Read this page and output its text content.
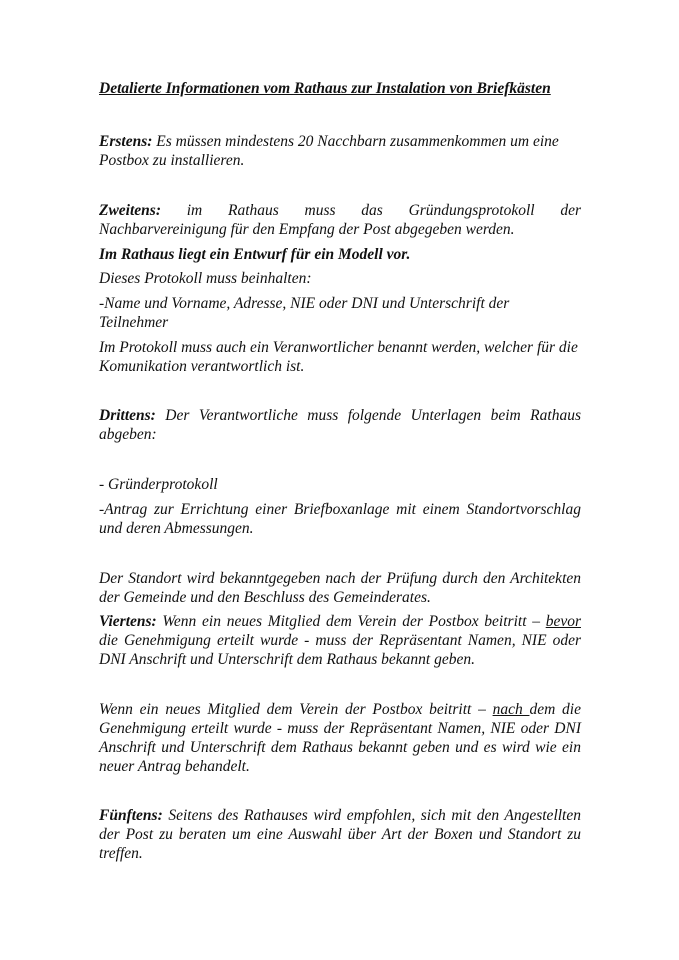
Detalierte Informationen vom Rathaus zur Instalation von Briefkästen

Erstens: Es müssen mindestens 20 Nacchbarn zusammenkommen um eine Postbox zu installieren.

Zweitens: im Rathaus muss das Gründungsprotokoll der Nachbarvereinigung für den Empfang der Post abgegeben werden.

Im Rathaus liegt ein Entwurf für ein Modell vor.

Dieses Protokoll muss beinhalten:

-Name und Vorname, Adresse, NIE oder DNI und Unterschrift der Teilnehmer

Im Protokoll muss auch ein Veranwortlicher benannt werden, welcher für die Komunikation verantwortlich ist.

Drittens: Der Verantwortliche muss folgende Unterlagen beim Rathaus abgeben:

- Gründerprotokoll

-Antrag zur Errichtung einer Briefboxanlage mit einem Standortvorschlag und deren Abmessungen.

Der Standort wird bekanntgegeben nach der Prüfung durch den Architekten der Gemeinde und den Beschluss des Gemeinderates.

Viertens: Wenn ein neues Mitglied dem Verein der Postbox beitritt – bevor die Genehmigung erteilt wurde - muss der Repräsentant Namen, NIE oder DNI Anschrift und Unterschrift dem Rathaus bekannt geben.

Wenn ein neues Mitglied dem Verein der Postbox beitritt – nach dem die Genehmigung erteilt wurde - muss der Repräsentant Namen, NIE oder DNI Anschrift und Unterschrift dem Rathaus bekannt geben und es wird wie ein neuer Antrag behandelt.

Fünftens: Seitens des Rathauses wird empfohlen, sich mit den Angestellten der Post zu beraten um eine Auswahl über Art der Boxen und Standort zu treffen.
